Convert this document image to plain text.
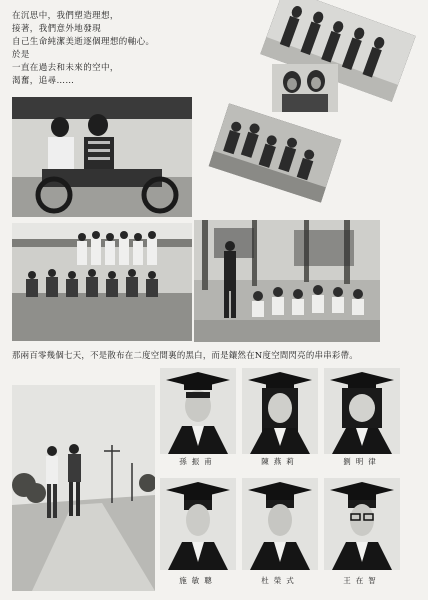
在沉思中，我們塑造理想，
接著，我們意外地發現
自己生命純潔美逝逐個理想的軸心。
於是
一直在過去和未來的空中，
渴奮，追尋……
那兩百零幾個七天，不是散布在二度空間裏的黑白，而是鑲然在N度空間閃亮的串串彩帶。
孫振甫	陳燕莉	劉明律
施敏聰	杜榮式	王在智
